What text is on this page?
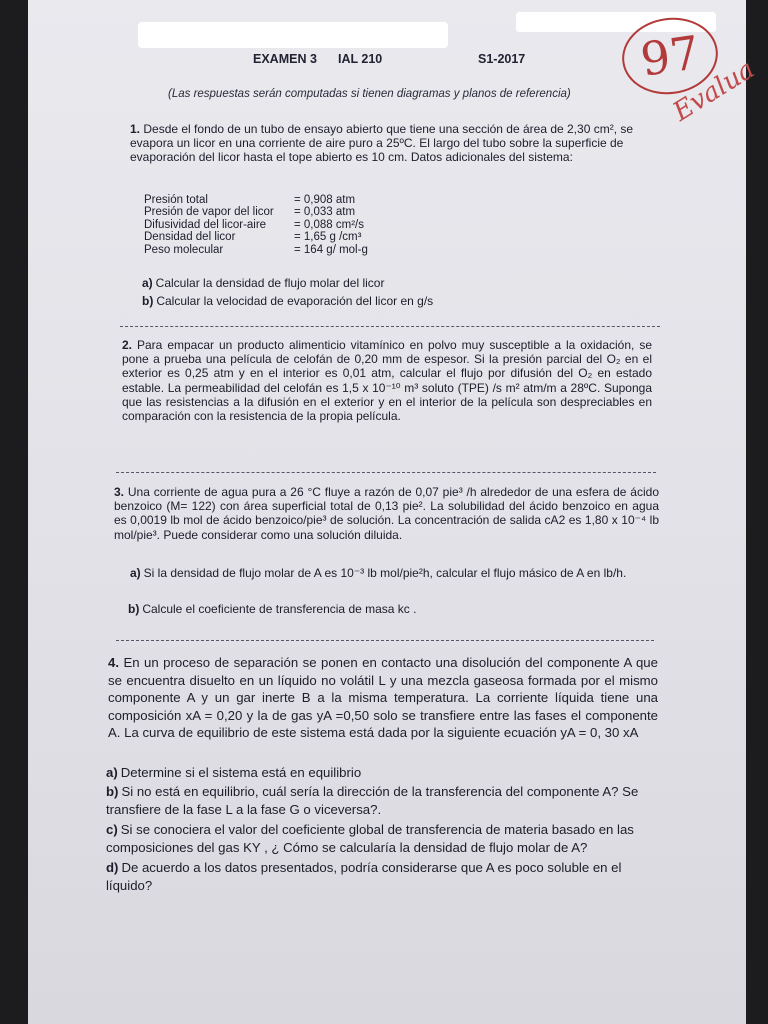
EXAMEN 3 IAL 210	S1-2017
(Las respuestas serán computadas si tienen diagramas y planos de referencia)
97
Evalua
1. Desde el fondo de un tubo de ensayo abierto que tiene una sección de área de 2,30 cm², se evapora un licor en una corriente de aire puro a 25ºC. El largo del tubo sobre la superficie de evaporación del licor hasta el tope abierto es 10 cm. Datos adicionales del sistema:
Presión total	= 0,908 atm
Presión de vapor del licor	= 0,033 atm
Difusividad del licor-aire	= 0,088 cm²/s
Densidad del licor	= 1,65 g /cm³
Peso molecular	= 164 g/ mol-g
a) Calcular la densidad de flujo molar del licor
b) Calcular la velocidad de evaporación del licor en g/s
2. Para empacar un producto alimenticio vitamínico en polvo muy susceptible a la oxidación, se pone a prueba una película de celofán de 0,20 mm de espesor. Si la presión parcial del O₂ en el exterior es 0,25 atm y en el interior es 0,01 atm, calcular el flujo por difusión del O₂ en estado estable. La permeabilidad del celofán es 1,5 x 10⁻¹⁰ m³ soluto (TPE) /s m² atm/m a 28ºC. Suponga que las resistencias a la difusión en el exterior y en el interior de la película son despreciables en comparación con la resistencia de la propia película.
3. Una corriente de agua pura a 26 °C fluye a razón de 0,07 pie³ /h alrededor de una esfera de ácido benzoico (M= 122) con área superficial total de 0,13 pie². La solubilidad del ácido benzoico en agua es 0,0019 lb mol de ácido benzoico/pie³ de solución. La concentración de salida cA2 es 1,80 x 10⁻⁴ lb mol/pie³. Puede considerar como una solución diluida.
a) Si la densidad de flujo molar de A es 10⁻³ lb mol/pie²h, calcular el flujo másico de A en lb/h.
b) Calcule el coeficiente de transferencia de masa kc .
4. En un proceso de separación se ponen en contacto una disolución del componente A que se encuentra disuelto en un líquido no volátil L y una mezcla gaseosa formada por el mismo componente A y un gar inerte B a la misma temperatura. La corriente líquida tiene una composición xA = 0,20 y la de gas yA =0,50 solo se transfiere entre las fases el componente A. La curva de equilibrio de este sistema está dada por la siguiente ecuación yA = 0, 30 xA
a) Determine si el sistema está en equilibrio
b) Si no está en equilibrio, cuál sería la dirección de la transferencia del componente A? Se transfiere de la fase L a la fase G o viceversa?.
c) Si se conociera el valor del coeficiente global de transferencia de materia basado en las composiciones del gas KY , ¿ Cómo se calcularía la densidad de flujo molar de A?
d) De acuerdo a los datos presentados, podría considerarse que A es poco soluble en el líquido?
